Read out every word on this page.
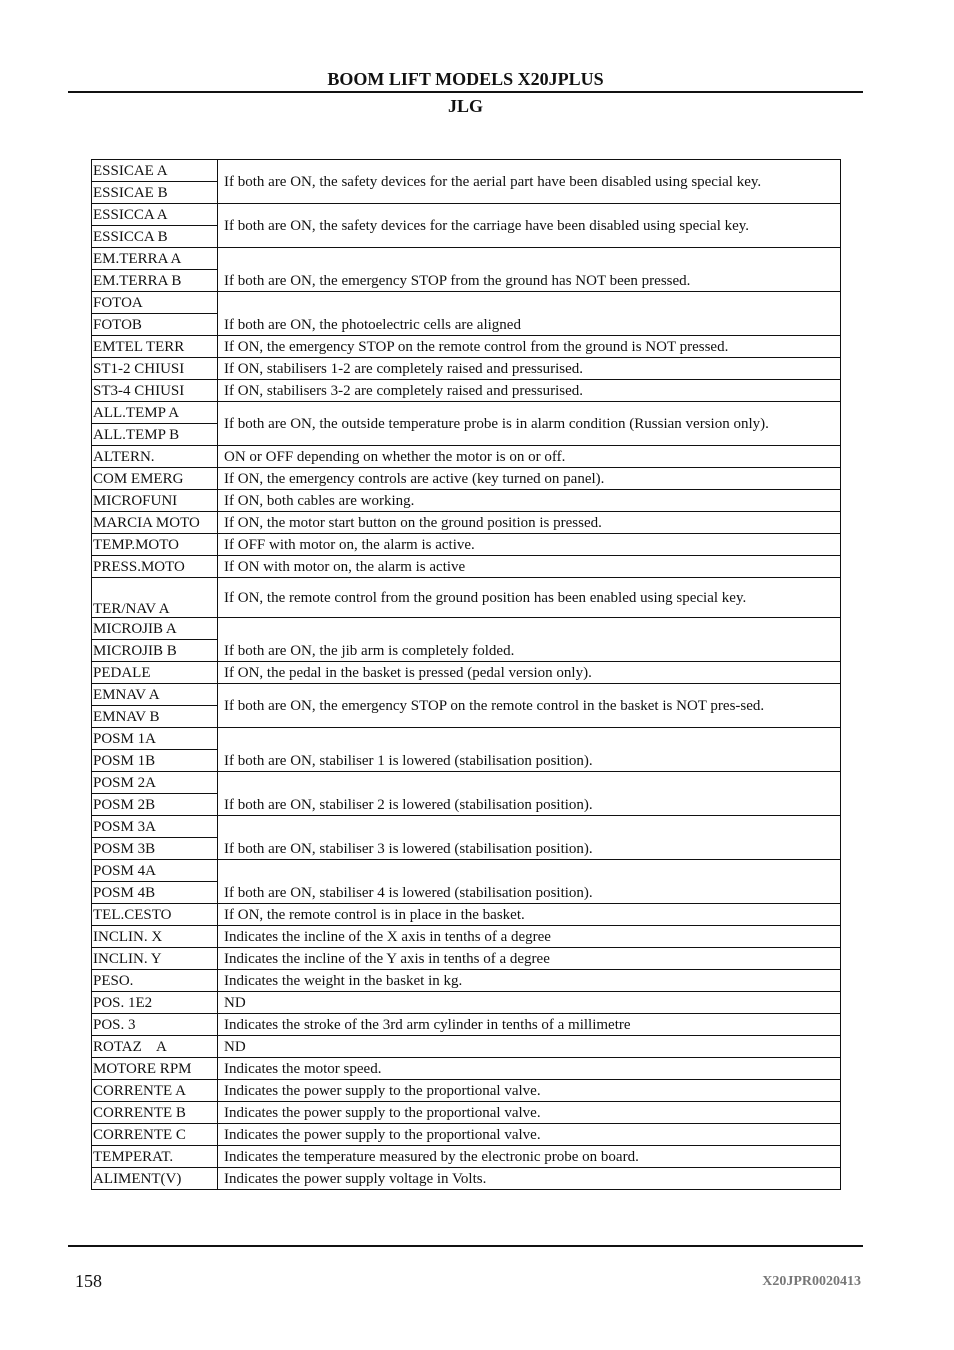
BOOM LIFT MODELS X20JPLUS
JLG
ESSICAE A	If both are ON, the safety devices for the aerial part have been disabled using special key.
ESSICAE B	
ESSICCA A	If both are ON, the safety devices for the carriage have been disabled using special key.
ESSICCA B	
EM.TERRA A	If both are ON, the emergency STOP from the ground has NOT been pressed.
EM.TERRA B	
FOTOA	If both are ON, the photoelectric cells are aligned
FOTOB	
EMTEL TERR	If ON, the emergency STOP on the remote control from the ground is NOT pressed.
ST1-2 CHIUSI	If ON, stabilisers 1-2 are completely raised and pressurised.
ST3-4 CHIUSI	If ON, stabilisers 3-2 are completely raised and pressurised.
ALL.TEMP A	If both are ON, the outside temperature probe is in alarm condition (Russian version only).
ALL.TEMP B	
ALTERN.	ON or OFF depending on whether the motor is on or off.
COM EMERG	If ON, the emergency controls are active (key turned on panel).
MICROFUNI	If ON, both cables are working.
MARCIA MOTO	If ON, the motor start button on the ground position is pressed.
TEMP.MOTO	If OFF with motor on, the alarm is active.
PRESS.MOTO	If ON with motor on, the alarm is active
TER/NAV A	If ON, the remote control from the ground position has been enabled using special key.
MICROJIB A	If both are ON, the jib arm is completely folded.
MICROJIB B	
PEDALE	If ON, the pedal in the basket is pressed (pedal version only).
EMNAV A	If both are ON, the emergency STOP on the remote control in the basket is NOT pres-sed.
EMNAV B	
POSM 1A	If both are ON, stabiliser 1 is lowered (stabilisation position).
POSM 1B	
POSM 2A	If both are ON, stabiliser 2 is lowered (stabilisation position).
POSM 2B	
POSM 3A	If both are ON, stabiliser 3 is lowered (stabilisation position).
POSM 3B	
POSM 4A	If both are ON, stabiliser 4 is lowered (stabilisation position).
POSM 4B	
TEL.CESTO	If ON, the remote control is in place in the basket.
INCLIN. X	Indicates the incline of the X axis in tenths of a degree
INCLIN. Y	Indicates the incline of the Y axis in tenths of a degree
PESO.	Indicates the weight in the basket in kg.
POS. 1E2	ND
POS. 3	Indicates the stroke of the 3rd arm cylinder in tenths of a millimetre
ROTAZ    A	ND
MOTORE RPM	Indicates the motor speed.
CORRENTE A	Indicates the power supply to the proportional valve.
CORRENTE B	Indicates the power supply to the proportional valve.
CORRENTE C	Indicates the power supply to the proportional valve.
TEMPERAT.	Indicates the temperature measured by the electronic probe on board.
ALIMENT(V)	Indicates the power supply voltage in Volts.
158	X20JPR0020413
